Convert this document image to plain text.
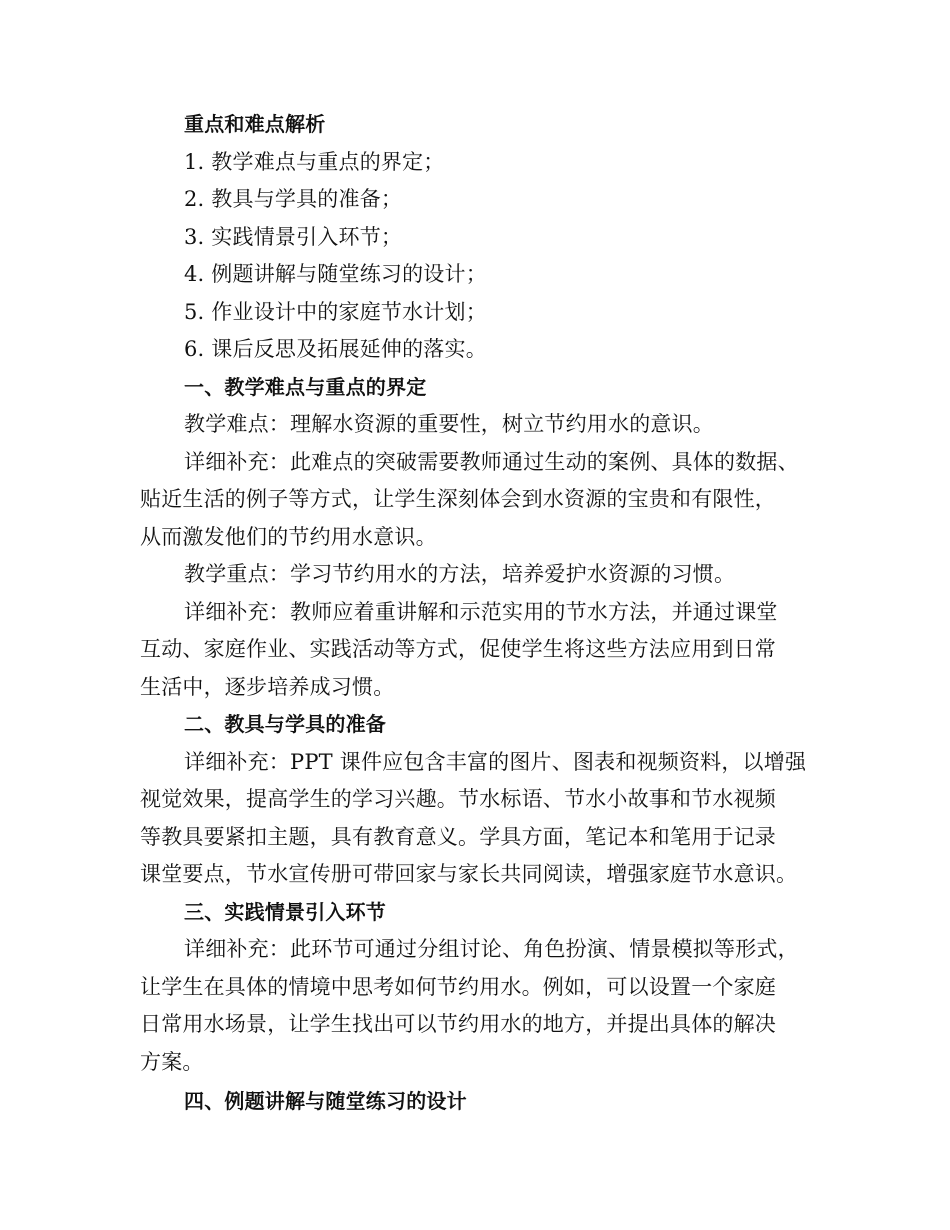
重点和难点解析
1. 教学难点与重点的界定；
2. 教具与学具的准备；
3. 实践情景引入环节；
4. 例题讲解与随堂练习的设计；
5. 作业设计中的家庭节水计划；
6. 课后反思及拓展延伸的落实。
一、教学难点与重点的界定
教学难点：理解水资源的重要性，树立节约用水的意识。
详细补充：此难点的突破需要教师通过生动的案例、具体的数据、
贴近生活的例子等方式，让学生深刻体会到水资源的宝贵和有限性，
从而激发他们的节约用水意识。
教学重点：学习节约用水的方法，培养爱护水资源的习惯。
详细补充：教师应着重讲解和示范实用的节水方法，并通过课堂
互动、家庭作业、实践活动等方式，促使学生将这些方法应用到日常
生活中，逐步培养成习惯。
二、教具与学具的准备
详细补充：PPT 课件应包含丰富的图片、图表和视频资料，以增强
视觉效果，提高学生的学习兴趣。节水标语、节水小故事和节水视频
等教具要紧扣主题，具有教育意义。学具方面，笔记本和笔用于记录
课堂要点，节水宣传册可带回家与家长共同阅读，增强家庭节水意识。
三、实践情景引入环节
详细补充：此环节可通过分组讨论、角色扮演、情景模拟等形式，
让学生在具体的情境中思考如何节约用水。例如，可以设置一个家庭
日常用水场景，让学生找出可以节约用水的地方，并提出具体的解决
方案。
四、例题讲解与随堂练习的设计
